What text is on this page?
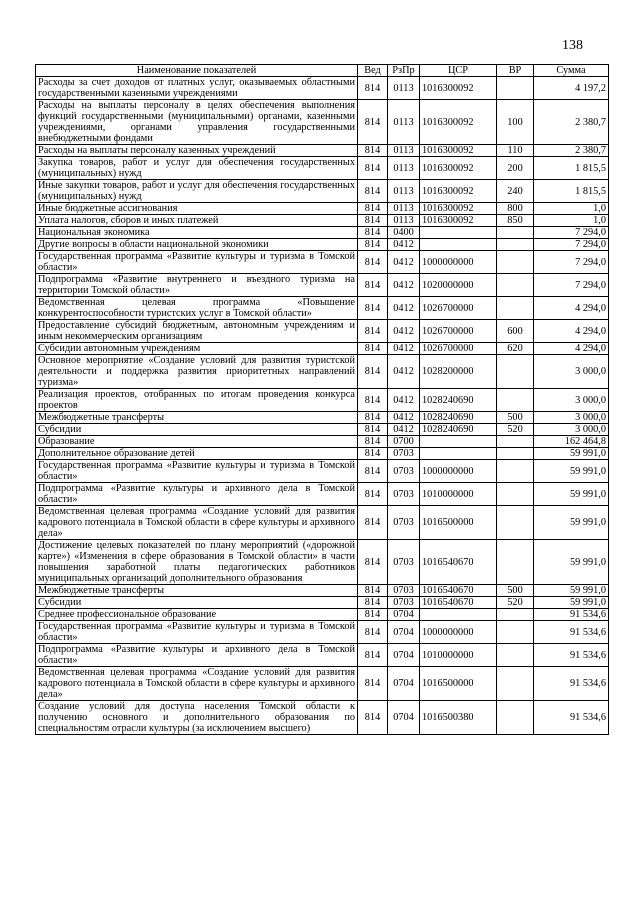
138
Наименование показателей	Вед	РзПр	ЦСР	ВР	Сумма
Расходы за счет доходов от платных услуг, оказываемых областными государственными казенными учреждениями	814	0113	1016300092		4 197,2
Расходы на выплаты персоналу в целях обеспечения выполнения функций государственными (муниципальными) органами, казенными учреждениями, органами управления государственными внебюджетными фондами	814	0113	1016300092	100	2 380,7
Расходы на выплаты персоналу казенных учреждений	814	0113	1016300092	110	2 380,7
Закупка товаров, работ и услуг для обеспечения государственных (муниципальных) нужд	814	0113	1016300092	200	1 815,5
Иные закупки товаров, работ и услуг для обеспечения государственных (муниципальных) нужд	814	0113	1016300092	240	1 815,5
Иные бюджетные ассигнования	814	0113	1016300092	800	1,0
Уплата налогов, сборов и иных платежей	814	0113	1016300092	850	1,0
Национальная экономика	814	0400			7 294,0
Другие вопросы в области национальной экономики	814	0412			7 294,0
Государственная программа «Развитие культуры и туризма в Томской области»	814	0412	1000000000		7 294,0
Подпрограмма «Развитие внутреннего и въездного туризма на территории Томской области»	814	0412	1020000000		7 294,0
Ведомственная целевая программа «Повышение конкурентоспособности туристских услуг в Томской области»	814	0412	1026700000		4 294,0
Предоставление субсидий бюджетным, автономным учреждениям и иным некоммерческим организациям	814	0412	1026700000	600	4 294,0
Субсидии автономным учреждениям	814	0412	1026700000	620	4 294,0
Основное мероприятие «Создание условий для развития туристской деятельности и поддержка развития приоритетных направлений туризма»	814	0412	1028200000		3 000,0
Реализация проектов, отобранных по итогам проведения конкурса проектов	814	0412	1028240690		3 000,0
Межбюджетные трансферты	814	0412	1028240690	500	3 000,0
Субсидии	814	0412	1028240690	520	3 000,0
Образование	814	0700			162 464,8
Дополнительное образование детей	814	0703			59 991,0
Государственная программа «Развитие культуры и туризма в Томской области»	814	0703	1000000000		59 991,0
Подпрограмма «Развитие культуры и архивного дела в Томской области»	814	0703	1010000000		59 991,0
Ведомственная целевая программа «Создание условий для развития кадрового потенциала в Томской области в сфере культуры и архивного дела»	814	0703	1016500000		59 991,0
Достижение целевых показателей по плану мероприятий («дорожной карте») «Изменения в сфере образования в Томской области» в части повышения заработной платы педагогических работников муниципальных организаций дополнительного образования	814	0703	1016540670		59 991,0
Межбюджетные трансферты	814	0703	1016540670	500	59 991,0
Субсидии	814	0703	1016540670	520	59 991,0
Среднее профессиональное образование	814	0704			91 534,6
Государственная программа «Развитие культуры и туризма в Томской области»	814	0704	1000000000		91 534,6
Подпрограмма «Развитие культуры и архивного дела в Томской области»	814	0704	1010000000		91 534,6
Ведомственная целевая программа «Создание условий для развития кадрового потенциала в Томской области в сфере культуры и архивного дела»	814	0704	1016500000		91 534,6
Создание условий для доступа населения Томской области к получению основного и дополнительного образования по специальностям отрасли культуры (за исключением высшего)	814	0704	1016500380		91 534,6
